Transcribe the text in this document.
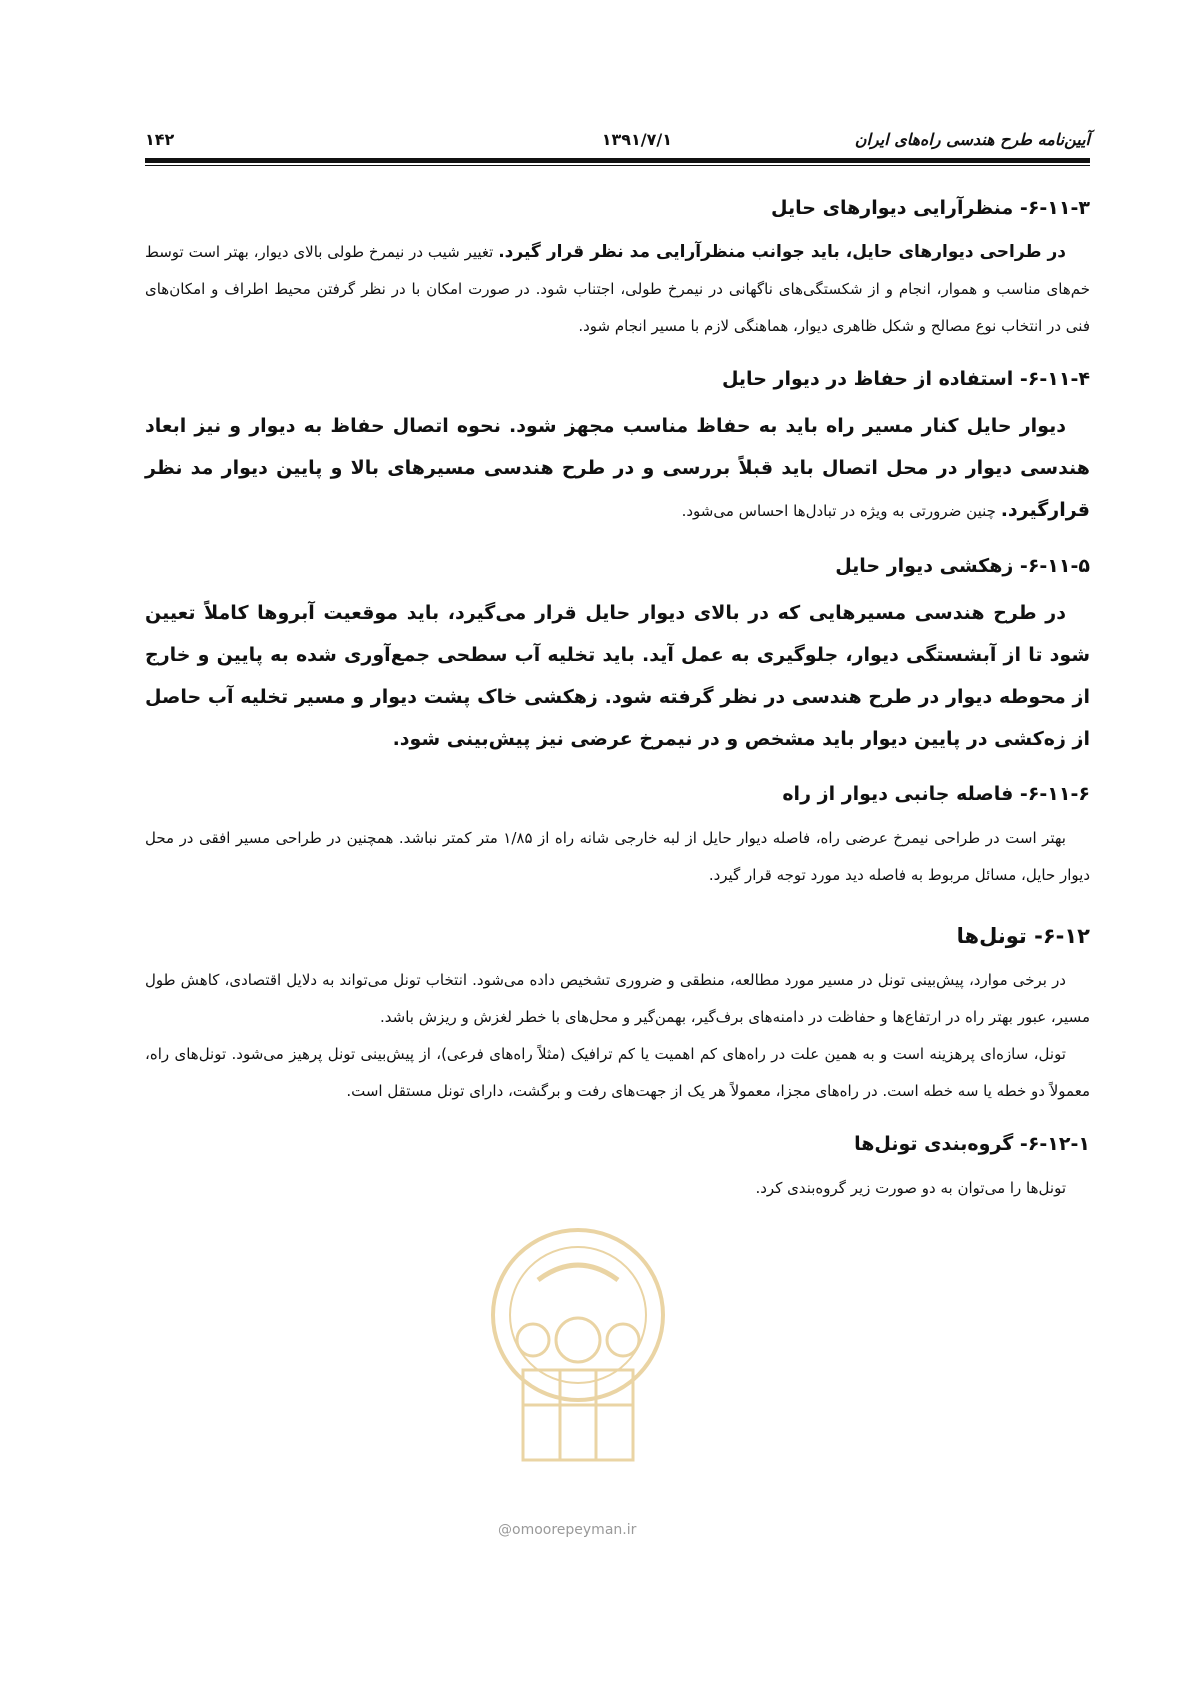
آیین‌نامه طرح هندسی راه‌های ایران
۱۳۹۱/۷/۱
۱۴۲
۶-۱۱-۳- منظرآرایی دیوارهای حایل

در طراحی دیوارهای حایل، باید جوانب منظرآرایی مد نظر قرار گیرد. تغییر شیب در نیمرخ طولی بالای دیوار، بهتر است توسط خم‌های مناسب و هموار، انجام و از شکستگی‌های ناگهانی در نیمرخ طولی، اجتناب شود. در صورت امکان با در نظر گرفتن محیط اطراف و امکان‌های فنی در انتخاب نوع مصالح و شکل ظاهری دیوار، هماهنگی لازم با مسیر انجام شود.

۶-۱۱-۴- استفاده از حفاظ در دیوار حایل

دیوار حایل کنار مسیر راه باید به حفاظ مناسب مجهز شود. نحوه اتصال حفاظ به دیوار و نیز ابعاد هندسی دیوار در محل اتصال باید قبلاً بررسی و در طرح هندسی مسیرهای بالا و پایین دیوار مد نظر قرارگیرد. چنین ضرورتی به ویژه در تبادل‌ها احساس می‌شود.

۶-۱۱-۵- زهکشی دیوار حایل

در طرح هندسی مسیرهایی که در بالای دیوار حایل قرار می‌گیرد، باید موقعیت آبروها کاملاً تعیین شود تا از آبشستگی دیوار، جلوگیری به عمل آید. باید تخلیه آب سطحی جمع‌آوری شده به پایین و خارج از محوطه دیوار در طرح هندسی در نظر گرفته شود. زهکشی خاک پشت دیوار و مسیر تخلیه آب حاصل از زه‌کشی در پایین دیوار باید مشخص و در نیمرخ عرضی نیز پیش‌بینی شود.

۶-۱۱-۶- فاصله جانبی دیوار از راه

بهتر است در طراحی نیمرخ عرضی راه، فاصله دیوار حایل از لبه خارجی شانه راه از ۱/۸۵ متر کمتر نباشد. همچنین در طراحی مسیر افقی در محل دیوار حایل، مسائل مربوط به فاصله دید مورد توجه قرار گیرد.

۶-۱۲- تونل‌ها

در برخی موارد، پیش‌بینی تونل در مسیر مورد مطالعه، منطقی و ضروری تشخیص داده می‌شود. انتخاب تونل می‌تواند به دلایل اقتصادی، کاهش طول مسیر، عبور بهتر راه در ارتفاع‌ها و حفاظت در دامنه‌های برف‌گیر، بهمن‌گیر و محل‌های با خطر لغزش و ریزش باشد.

تونل، سازه‌ای پرهزینه است و به همین علت در راه‌های کم اهمیت یا کم ترافیک (مثلاً راه‌های فرعی)، از پیش‌بینی تونل پرهیز می‌شود. تونل‌های راه، معمولاً دو خطه یا سه خطه است. در راه‌های مجزا، معمولاً هر یک از جهت‌های رفت و برگشت، دارای تونل مستقل است.

۶-۱۲-۱- گروه‌بندی تونل‌ها

تونل‌ها را می‌توان به دو صورت زیر گروه‌بندی کرد.

@omoorepeyman.ir
